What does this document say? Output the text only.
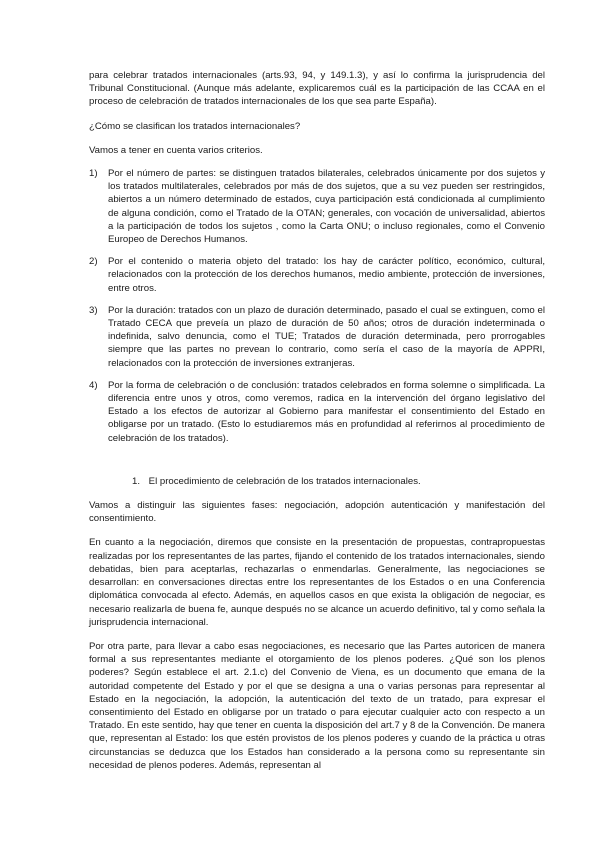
para celebrar tratados internacionales (arts.93, 94, y 149.1.3), y así lo confirma la jurisprudencia del Tribunal Constitucional. (Aunque más adelante, explicaremos cuál es la participación de las CCAA en el proceso de celebración de tratados internacionales de los que sea parte España).

¿Cómo se clasifican los tratados internacionales?

Vamos a tener en cuenta varios criterios.

1) Por el número de partes: se distinguen tratados bilaterales, celebrados únicamente por dos sujetos y los tratados multilaterales, celebrados por más de dos sujetos, que a su vez pueden ser restringidos, abiertos a un número determinado de estados, cuya participación está condicionada al cumplimiento de alguna condición, como el Tratado de la OTAN; generales, con vocación de universalidad, abiertos a la participación de todos los sujetos , como la Carta ONU; o incluso regionales, como el Convenio Europeo de Derechos Humanos.
2) Por el contenido o materia objeto del tratado: los hay de carácter político, económico, cultural, relacionados con la protección de los derechos humanos, medio ambiente, protección de inversiones, entre otros.
3) Por la duración: tratados con un plazo de duración determinado, pasado el cual se extinguen, como el Tratado CECA que preveía un plazo de duración de 50 años; otros de duración indeterminada o indefinida, salvo denuncia, como el TUE; Tratados de duración determinada, pero prorrogables siempre que las partes no prevean lo contrario, como sería el caso de la mayoría de APPRI, relacionados con la protección de inversiones extranjeras.
4) Por la forma de celebración o de conclusión: tratados celebrados en forma solemne o simplificada. La diferencia entre unos y otros, como veremos, radica en la intervención del órgano legislativo del Estado a los efectos de autorizar al Gobierno para manifestar el consentimiento del Estado en obligarse por un tratado. (Esto lo estudiaremos más en profundidad al referirnos al procedimiento de celebración de los tratados).

1. El procedimiento de celebración de los tratados internacionales.

Vamos a distinguir las siguientes fases: negociación, adopción autenticación y manifestación del consentimiento.

En cuanto a la negociación, diremos que consiste en la presentación de propuestas, contrapropuestas realizadas por los representantes de las partes, fijando el contenido de los tratados internacionales, siendo debatidas, bien para aceptarlas, rechazarlas o enmendarlas. Generalmente, las negociaciones se desarrollan: en conversaciones directas entre los representantes de los Estados o en una Conferencia diplomática convocada al efecto. Además, en aquellos casos en que exista la obligación de negociar, es necesario realizarla de buena fe, aunque después no se alcance un acuerdo definitivo, tal y como señala la jurisprudencia internacional.

Por otra parte, para llevar a cabo esas negociaciones, es necesario que las Partes autoricen de manera formal a sus representantes mediante el otorgamiento de los plenos poderes. ¿Qué son los plenos poderes? Según establece el art. 2.1.c) del Convenio de Viena, es un documento que emana de la autoridad competente del Estado y por el que se designa a una o varias personas para representar al Estado en la negociación, la adopción, la autenticación del texto de un tratado, para expresar el consentimiento del Estado en obligarse por un tratado o para ejecutar cualquier acto con respecto a un Tratado. En este sentido, hay que tener en cuenta la disposición del art.7 y 8 de la Convención. De manera que, representan al Estado: los que estén provistos de los plenos poderes y cuando de la práctica u otras circunstancias se deduzca que los Estados han considerado a la persona como su representante sin necesidad de plenos poderes. Además, representan al
